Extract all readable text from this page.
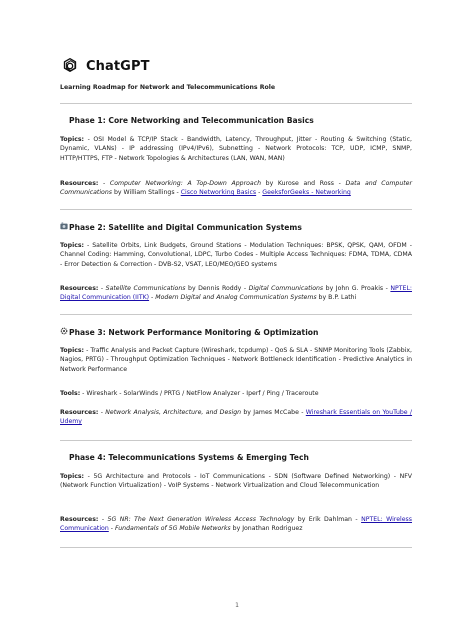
ChatGPT
Learning Roadmap for Network and Telecommunications Role
Phase 1: Core Networking and Telecommunication Basics
Topics: - OSI Model & TCP/IP Stack - Bandwidth, Latency, Throughput, Jitter - Routing & Switching (Static, Dynamic, VLANs) - IP addressing (IPv4/IPv6), Subnetting - Network Protocols: TCP, UDP, ICMP, SNMP, HTTP/HTTPS, FTP - Network Topologies & Architectures (LAN, WAN, MAN)
Resources: - Computer Networking: A Top-Down Approach by Kurose and Ross - Data and Computer Communications by William Stallings - Cisco Networking Basics - GeeksforGeeks - Networking
Phase 2: Satellite and Digital Communication Systems
Topics: - Satellite Orbits, Link Budgets, Ground Stations - Modulation Techniques: BPSK, QPSK, QAM, OFDM - Channel Coding: Hamming, Convolutional, LDPC, Turbo Codes - Multiple Access Techniques: FDMA, TDMA, CDMA - Error Detection & Correction - DVB-S2, VSAT, LEO/MEO/GEO systems
Resources: - Satellite Communications by Dennis Roddy - Digital Communications by John G. Proakis - NPTEL: Digital Communication (IITK) - Modern Digital and Analog Communication Systems by B.P. Lathi
Phase 3: Network Performance Monitoring & Optimization
Topics: - Traffic Analysis and Packet Capture (Wireshark, tcpdump) - QoS & SLA - SNMP Monitoring Tools (Zabbix, Nagios, PRTG) - Throughput Optimization Techniques - Network Bottleneck Identification - Predictive Analytics in Network Performance
Tools: - Wireshark - SolarWinds / PRTG / NetFlow Analyzer - Iperf / Ping / Traceroute
Resources: - Network Analysis, Architecture, and Design by James McCabe - Wireshark Essentials on YouTube / Udemy
Phase 4: Telecommunications Systems & Emerging Tech
Topics: - 5G Architecture and Protocols - IoT Communications - SDN (Software Defined Networking) - NFV (Network Function Virtualization) - VoIP Systems - Network Virtualization and Cloud Telecommunication
Resources: - 5G NR: The Next Generation Wireless Access Technology by Erik Dahlman - NPTEL: Wireless Communication - Fundamentals of 5G Mobile Networks by Jonathan Rodriguez
1
